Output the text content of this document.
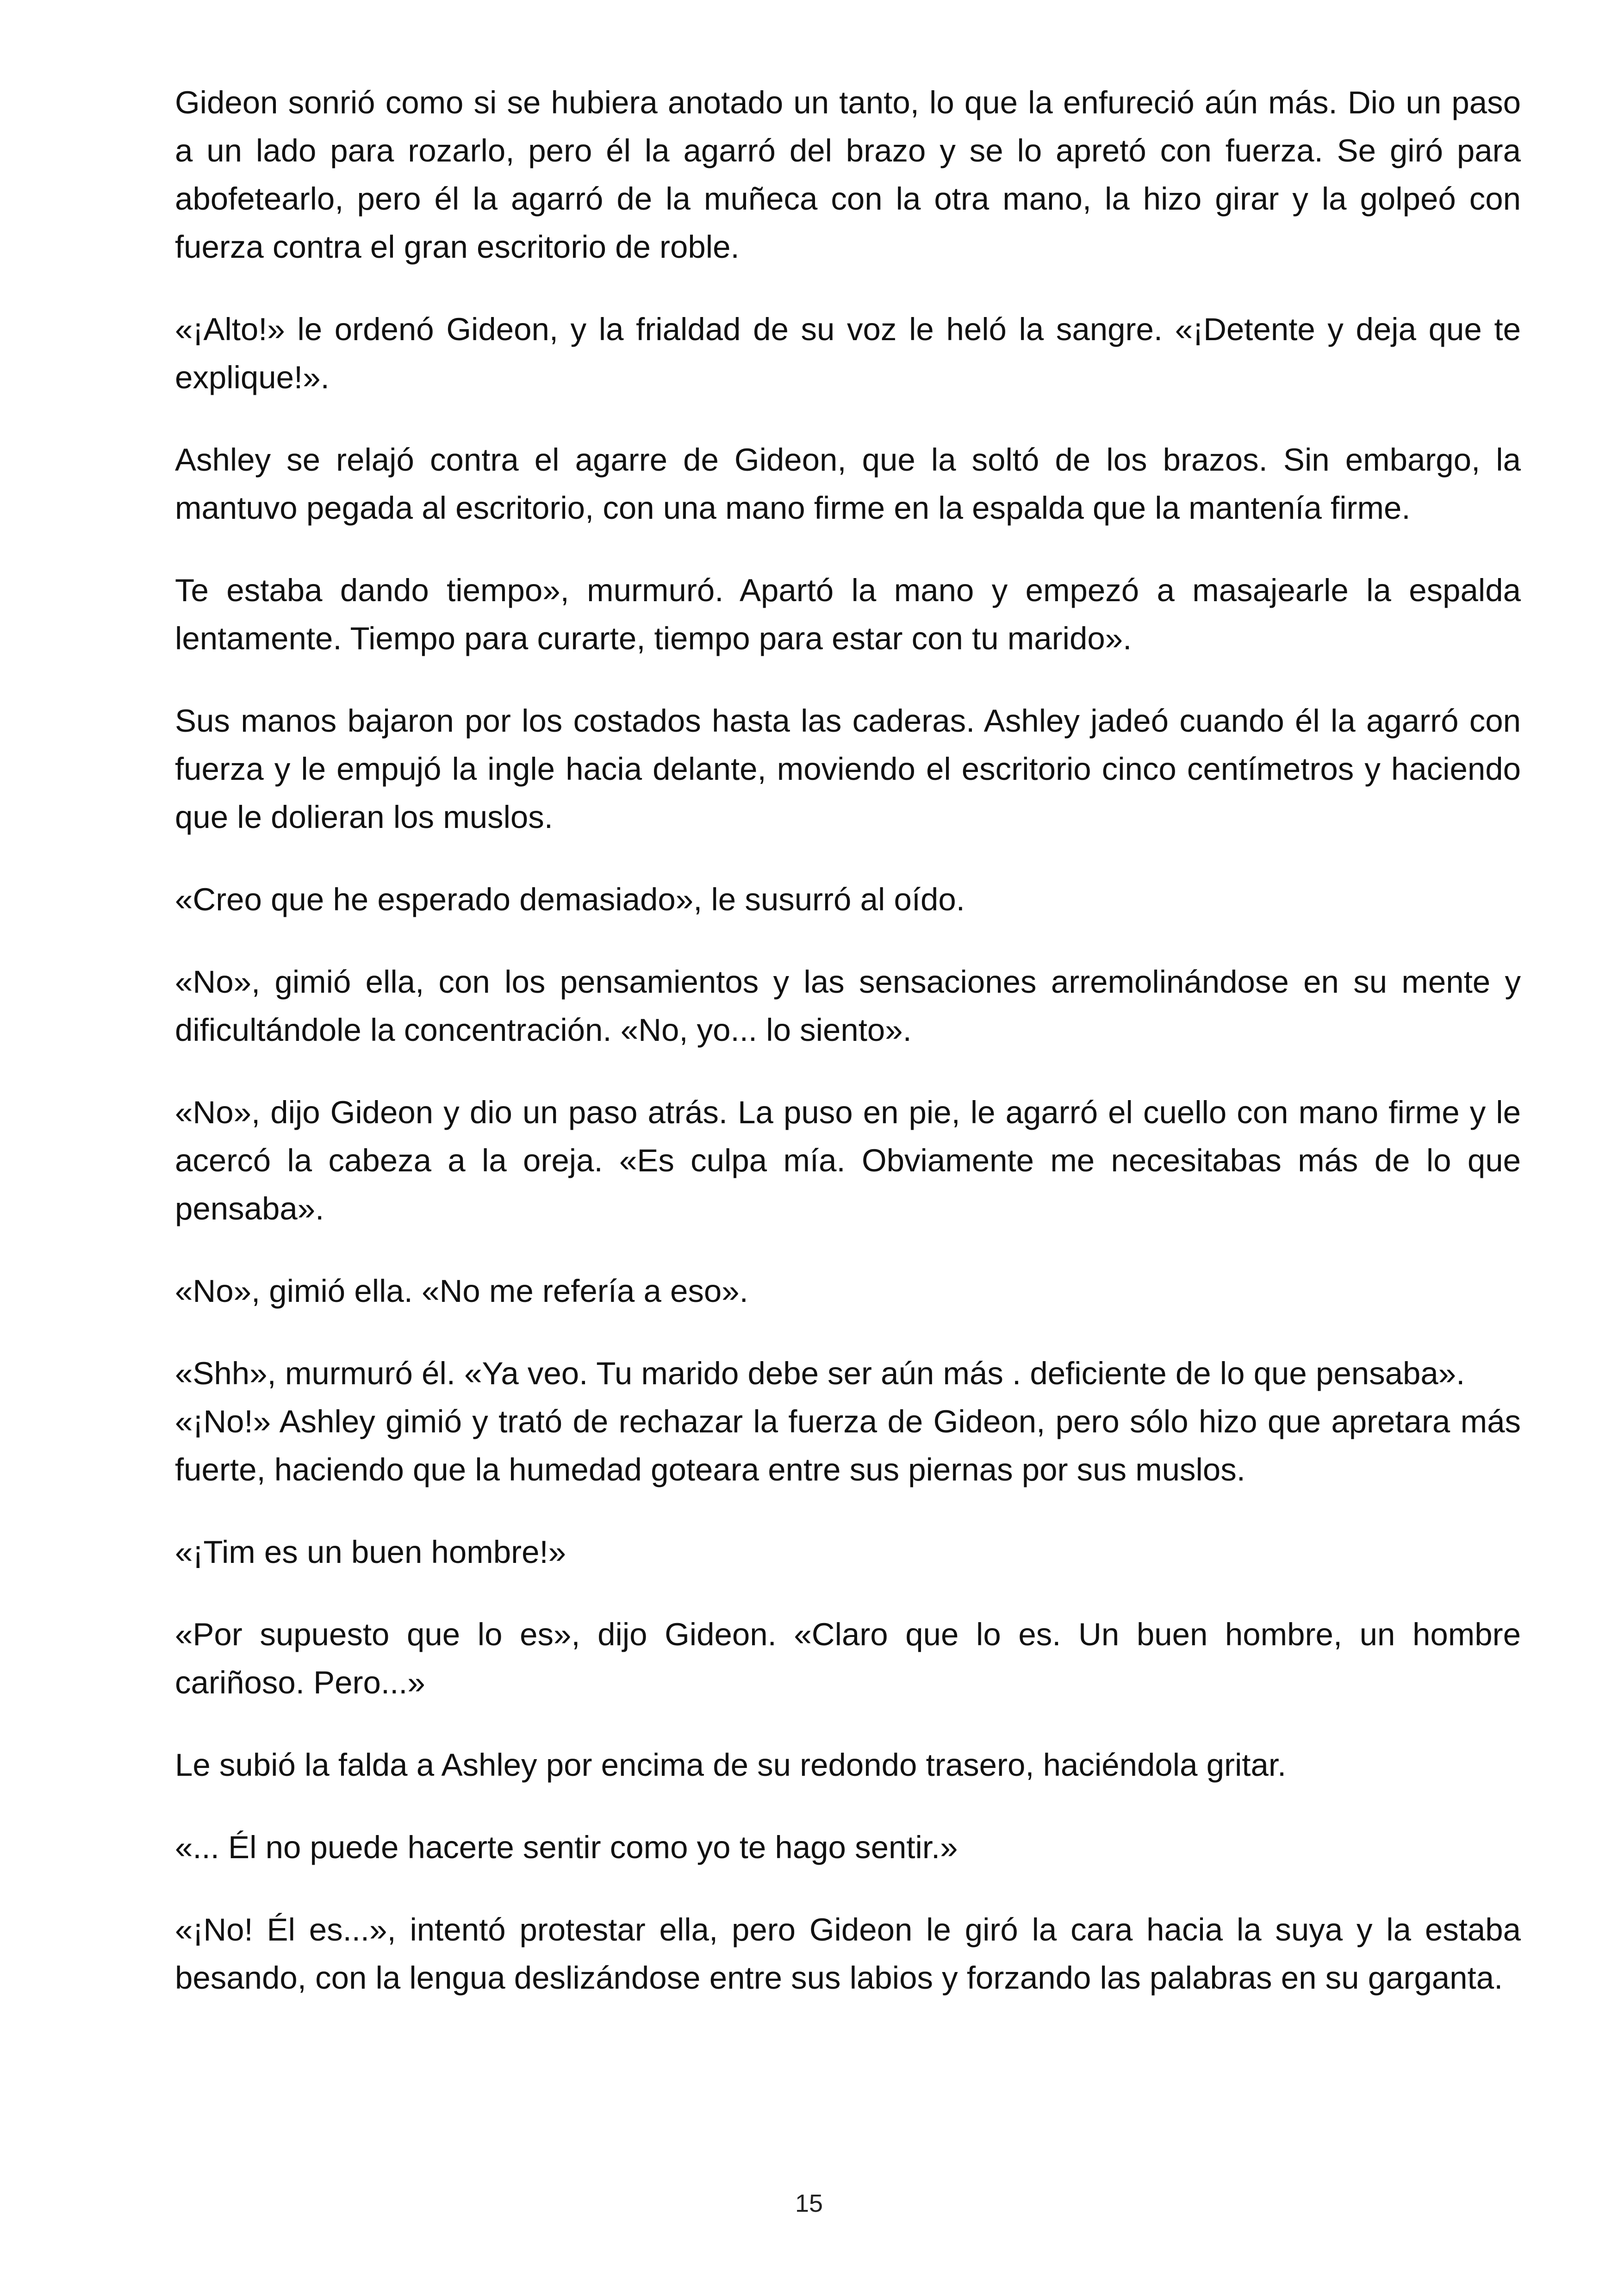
Gideon sonrió como si se hubiera anotado un tanto, lo que la enfureció aún más. Dio un paso a un lado para rozarlo, pero él la agarró del brazo y se lo apretó con fuerza. Se giró para abofetearlo, pero él la agarró de la muñeca con la otra mano, la hizo girar y la golpeó con fuerza contra el gran escritorio de roble.

«¡Alto!» le ordenó Gideon, y la frialdad de su voz le heló la sangre. «¡Detente y deja que te explique!».

Ashley se relajó contra el agarre de Gideon, que la soltó de los brazos. Sin embargo, la mantuvo pegada al escritorio, con una mano firme en la espalda que la mantenía firme.

Te estaba dando tiempo», murmuró. Apartó la mano y empezó a masajearle la espalda lentamente. Tiempo para curarte, tiempo para estar con tu marido».

Sus manos bajaron por los costados hasta las caderas. Ashley jadeó cuando él la agarró con fuerza y le empujó la ingle hacia delante, moviendo el escritorio cinco centímetros y haciendo que le dolieran los muslos.

«Creo que he esperado demasiado», le susurró al oído.

«No», gimió ella, con los pensamientos y las sensaciones arremolinándose en su mente y dificultándole la concentración. «No, yo... lo siento».

«No», dijo Gideon y dio un paso atrás. La puso en pie, le agarró el cuello con mano firme y le acercó la cabeza a la oreja. «Es culpa mía. Obviamente me necesitabas más de lo que pensaba».

«No», gimió ella. «No me refería a eso».

«Shh», murmuró él. «Ya veo. Tu marido debe ser aún más . deficiente de lo que pensaba».

«¡No!» Ashley gimió y trató de rechazar la fuerza de Gideon, pero sólo hizo que apretara más fuerte, haciendo que la humedad goteara entre sus piernas por sus muslos.

«¡Tim es un buen hombre!»

«Por supuesto que lo es», dijo Gideon. «Claro que lo es. Un buen hombre, un hombre cariñoso. Pero...»

Le subió la falda a Ashley por encima de su redondo trasero, haciéndola gritar.

«... Él no puede hacerte sentir como yo te hago sentir.»

«¡No! Él es...», intentó protestar ella, pero Gideon le giró la cara hacia la suya y la estaba besando, con la lengua deslizándose entre sus labios y forzando las palabras en su garganta.

15
